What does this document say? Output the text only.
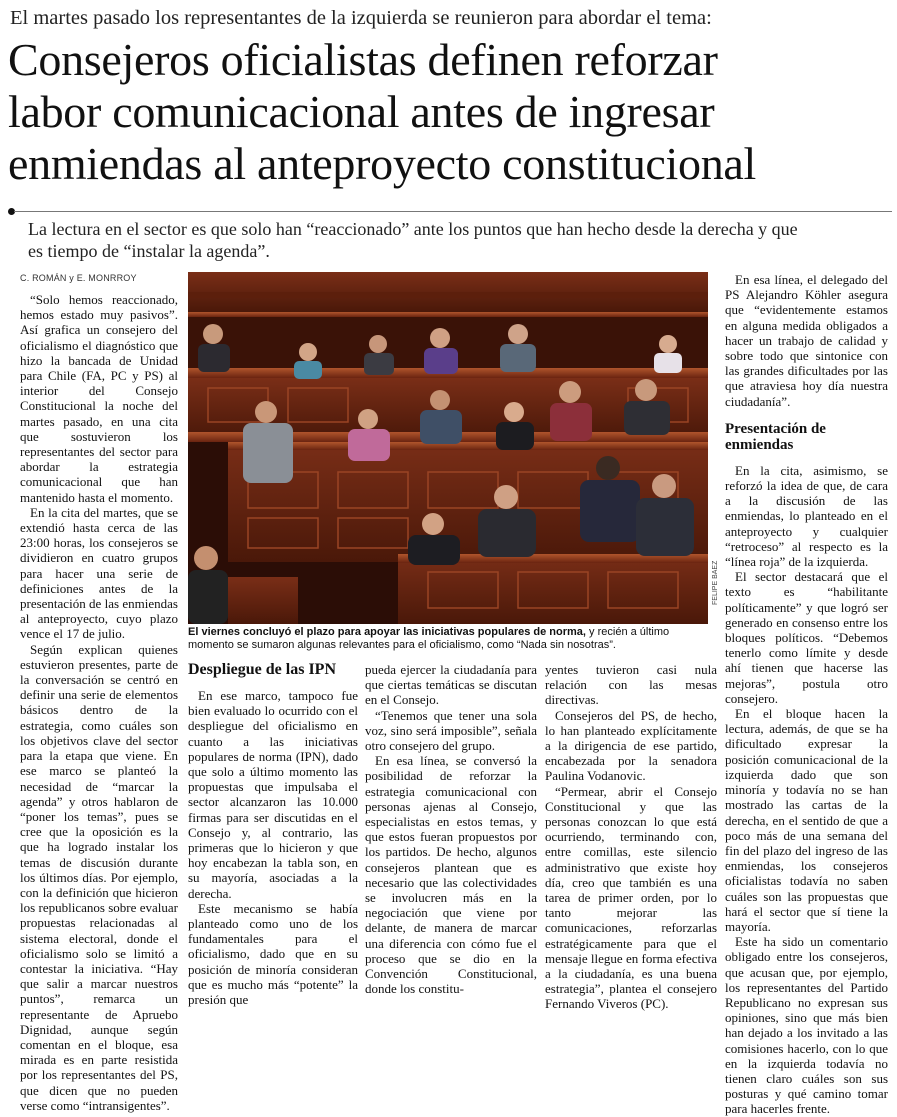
El martes pasado los representantes de la izquierda se reunieron para abordar el tema:
Consejeros oficialistas definen reforzar
labor comunicacional antes de ingresar
enmiendas al anteproyecto constitucional
La lectura en el sector es que solo han “reaccionado” ante los puntos que han hecho desde la derecha y que
es tiempo de “instalar la agenda”.
C. ROMÁN y E. MONRROY

“Solo hemos reaccionado, hemos estado muy pasivos”. Así grafica un consejero del oficialismo el diagnóstico que hizo la bancada de Unidad para Chile (FA, PC y PS) al interior del Consejo Constitucional la noche del martes pasado, en una cita que sostuvieron los representantes del sector para abordar la estrategia comunicacional que han mantenido hasta el momento.

En la cita del martes, que se extendió hasta cerca de las 23:00 horas, los consejeros se dividieron en cuatro grupos para hacer una serie de definiciones antes de la presentación de las enmiendas al anteproyecto, cuyo plazo vence el 17 de julio.

Según explican quienes estuvieron presentes, parte de la conversación se centró en definir una serie de elementos básicos dentro de la estrategia, como cuáles son los objetivos clave del sector para la etapa que viene. En ese marco se planteó la necesidad de “marcar la agenda” y otros hablaron de “poner los temas”, pues se cree que la oposición es la que ha logrado instalar los temas de discusión durante los últimos días. Por ejemplo, con la definición que hicieron los republicanos sobre evaluar propuestas relacionadas al sistema electoral, donde el oficialismo solo se limitó a contestar la iniciativa. “Hay que salir a marcar nuestros puntos”, remarca un representante de Apruebo Dignidad, aunque según comentan en el bloque, esa mirada es en parte resistida por los representantes del PS, que dicen que no pueden verse como “intransigentes”.

FELIPE BAEZ
El viernes concluyó el plazo para apoyar las iniciativas populares de norma, y recién a último momento se sumaron algunas relevantes para el oficialismo, como “Nada sin nosotras”.
Despliegue de las IPN

En ese marco, tampoco fue bien evaluado lo ocurrido con el despliegue del oficialismo en cuanto a las iniciativas populares de norma (IPN), dado que solo a último momento las propuestas que impulsaba el sector alcanzaron las 10.000 firmas para ser discutidas en el Consejo y, al contrario, las primeras que lo hicieron y que hoy encabezan la tabla son, en su mayoría, asociadas a la derecha.

Este mecanismo se había planteado como uno de los fundamentales para el oficialismo, dado que en su posición de minoría consideran que es mucho más “potente” la presión que

pueda ejercer la ciudadanía para que ciertas temáticas se discutan en el Consejo.

“Tenemos que tener una sola voz, sino será imposible”, señala otro consejero del grupo.

En esa línea, se conversó la posibilidad de reforzar la estrategia comunicacional con personas ajenas al Consejo, especialistas en estos temas, y que estos fueran propuestos por los partidos. De hecho, algunos consejeros plantean que es necesario que las colectividades se involucren más en la negociación que viene por delante, de manera de marcar una diferencia con cómo fue el proceso que se dio en la Convención Constitucional, donde los constitu-

yentes tuvieron casi nula relación con las mesas directivas.

Consejeros del PS, de hecho, lo han planteado explícitamente a la dirigencia de ese partido, encabezada por la senadora Paulina Vodanovic.

“Permear, abrir el Consejo Constitucional y que las personas conozcan lo que está ocurriendo, terminando con, entre comillas, este silencio administrativo que existe hoy día, creo que también es una tarea de primer orden, por lo tanto mejorar las comunicaciones, reforzarlas estratégicamente para que el mensaje llegue en forma efectiva a la ciudadanía, es una buena estrategia”, plantea el consejero Fernando Viveros (PC).

En esa línea, el delegado del PS Alejandro Köhler asegura que “evidentemente estamos en alguna medida obligados a hacer un trabajo de calidad y sobre todo que sintonice con las grandes dificultades por las que atraviesa hoy día nuestra ciudadanía”.

Presentación de enmiendas

En la cita, asimismo, se reforzó la idea de que, de cara a la discusión de las enmiendas, lo planteado en el anteproyecto y cualquier “retroceso” al respecto es la “línea roja” de la izquierda.

El sector destacará que el texto es “habilitante políticamente” y que logró ser generado en consenso entre los bloques políticos. “Debemos tenerlo como límite y desde ahí tienen que hacerse las mejoras”, postula otro consejero.

En el bloque hacen la lectura, además, de que se ha dificultado expresar la posición comunicacional de la izquierda dado que son minoría y todavía no se han mostrado las cartas de la derecha, en el sentido de que a poco más de una semana del fin del plazo del ingreso de las enmiendas, los consejeros oficialistas todavía no saben cuáles son las propuestas que hará el sector que sí tiene la mayoría.

Este ha sido un comentario obligado entre los consejeros, que acusan que, por ejemplo, los representantes del Partido Republicano no expresan sus opiniones, sino que más bien han dejado a los invitado a las comisiones hacerlo, con lo que en la izquierda todavía no tienen claro cuáles son sus posturas y qué camino tomar para hacerles frente.
